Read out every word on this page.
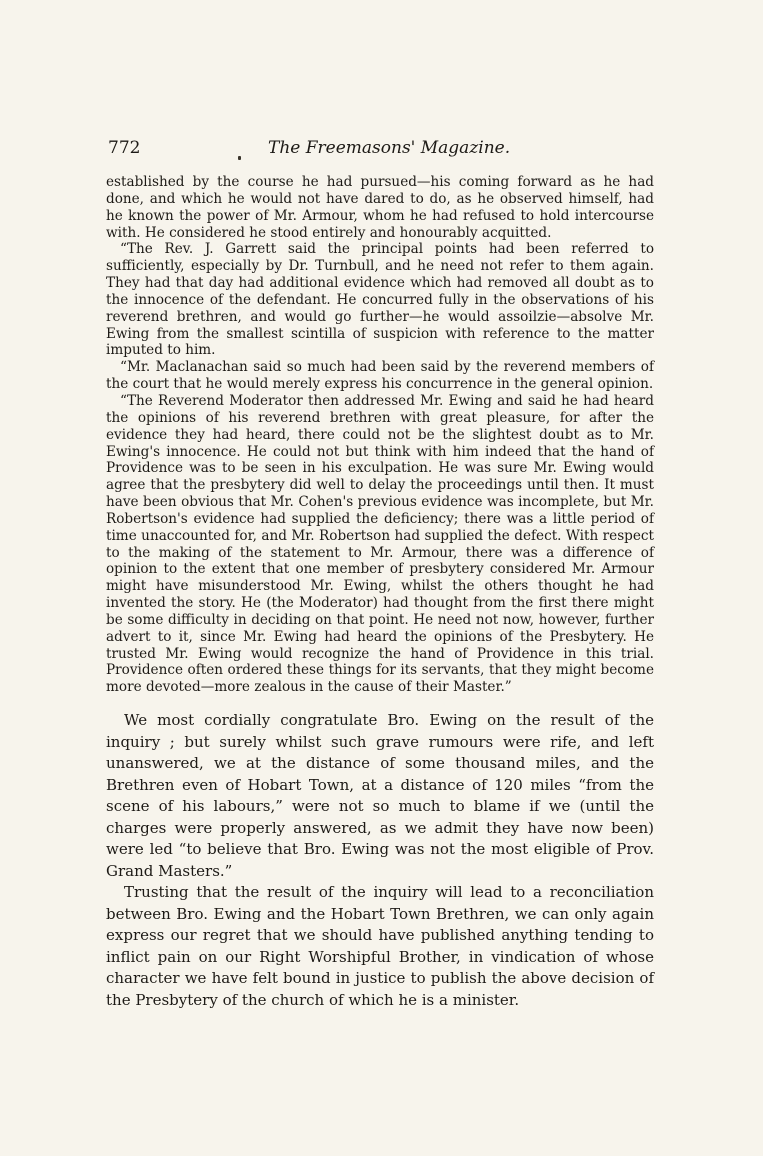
772	The Freemasons' Magazine.

established by the course he had pursued—his coming forward as he had done, and which he would not have dared to do, as he observed himself, had he known the power of Mr. Armour, whom he had refused to hold intercourse with. He considered he stood entirely and honourably acquitted.

“The Rev. J. Garrett said the principal points had been referred to sufficiently, especially by Dr. Turnbull, and he need not refer to them again. They had that day had additional evidence which had removed all doubt as to the innocence of the defendant. He concurred fully in the observations of his reverend brethren, and would go further—he would assoilzie—absolve Mr. Ewing from the smallest scintilla of suspicion with reference to the matter imputed to him.

“Mr. Maclanachan said so much had been said by the reverend members of the court that he would merely express his concurrence in the general opinion.

“The Reverend Moderator then addressed Mr. Ewing and said he had heard the opinions of his reverend brethren with great pleasure, for after the evidence they had heard, there could not be the slightest doubt as to Mr. Ewing's innocence. He could not but think with him indeed that the hand of Providence was to be seen in his exculpation. He was sure Mr. Ewing would agree that the presbytery did well to delay the proceedings until then. It must have been obvious that Mr. Cohen's previous evidence was incomplete, but Mr. Robertson's evidence had supplied the deficiency; there was a little period of time unaccounted for, and Mr. Robertson had supplied the defect. With respect to the making of the statement to Mr. Armour, there was a difference of opinion to the extent that one member of presbytery considered Mr. Armour might have misunderstood Mr. Ewing, whilst the others thought he had invented the story. He (the Moderator) had thought from the first there might be some difficulty in deciding on that point. He need not now, however, further advert to it, since Mr. Ewing had heard the opinions of the Presbytery. He trusted Mr. Ewing would recognize the hand of Providence in this trial. Providence often ordered these things for its servants, that they might become more devoted—more zealous in the cause of their Master.”

We most cordially congratulate Bro. Ewing on the result of the inquiry ; but surely whilst such grave rumours were rife, and left unanswered, we at the distance of some thousand miles, and the Brethren even of Hobart Town, at a distance of 120 miles “from the scene of his labours,” were not so much to blame if we (until the charges were properly answered, as we admit they have now been) were led “to believe that Bro. Ewing was not the most eligible of Prov. Grand Masters.”

Trusting that the result of the inquiry will lead to a reconciliation between Bro. Ewing and the Hobart Town Brethren, we can only again express our regret that we should have published anything tending to inflict pain on our Right Worshipful Brother, in vindication of whose character we have felt bound in justice to publish the above decision of the Presbytery of the church of which he is a minister.
